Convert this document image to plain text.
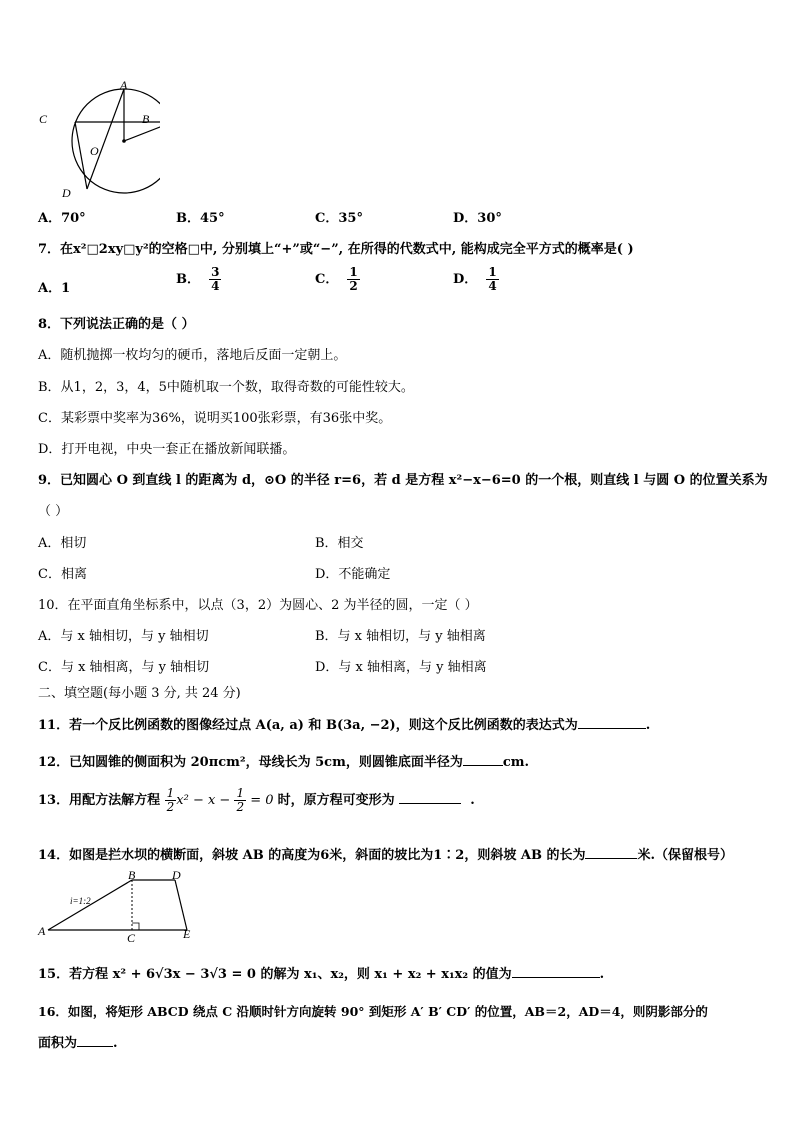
A
C	B
O
D
A．70°	B．45°	C．35°	D．30°
7．在x²□2xy□y²的空格□中, 分别填上“+”或“−”, 在所得的代数式中, 能构成完全平方式的概率是( )
A．1
B． $\frac{3}{4}$	C． $\frac{1}{2}$	D． $\frac{1}{4}$
8．下列说法正确的是（ ）
A．随机抛掷一枚均匀的硬币，落地后反面一定朝上。
B．从1，2，3，4，5中随机取一个数，取得奇数的可能性较大。
C．某彩票中奖率为36%，说明买100张彩票，有36张中奖。
D．打开电视，中央一套正在播放新闻联播。
9．已知圆心 O 到直线 l 的距离为 d，⊙O 的半径 r=6，若 d 是方程 x²−x−6=0 的一个根，则直线 l 与圆 O 的位置关系为
（ ）
A．相切	B．相交
C．相离	D．不能确定
10．在平面直角坐标系中，以点（3，2）为圆心、2 为半径的圆，一定（ ）
A．与 x 轴相切，与 y 轴相切	B．与 x 轴相切，与 y 轴相离
C．与 x 轴相离，与 y 轴相切	D．与 x 轴相离，与 y 轴相离
二、填空题(每小题 3 分, 共 24 分)
11．若一个反比例函数的图像经过点 A(a, a) 和 B(3a, −2)，则这个反比例函数的表达式为	.
12．已知圆锥的侧面积为 20πcm²，母线长为 5cm，则圆锥底面半径为	cm.
13．用配方法解方程 $\frac{1}{2} x^2 - x - \frac{1}{2} = 0$ 时，原方程可变形为	.
14．如图是拦水坝的横断面，斜坡 AB 的高度为6米，斜面的坡比为1∶2，则斜坡 AB 的长为	米.（保留根号）
B	D
A	C	E
i=1:2
15．若方程 x² + 6√3x − 3√3 = 0 的解为 x₁、x₂，则 x₁ + x₂ + x₁x₂ 的值为	.
16．如图，将矩形 ABCD 绕点 C 沿顺时针方向旋转 90° 到矩形 A′ B′ CD′ 的位置，AB＝2，AD＝4，则阴影部分的
面积为	.
